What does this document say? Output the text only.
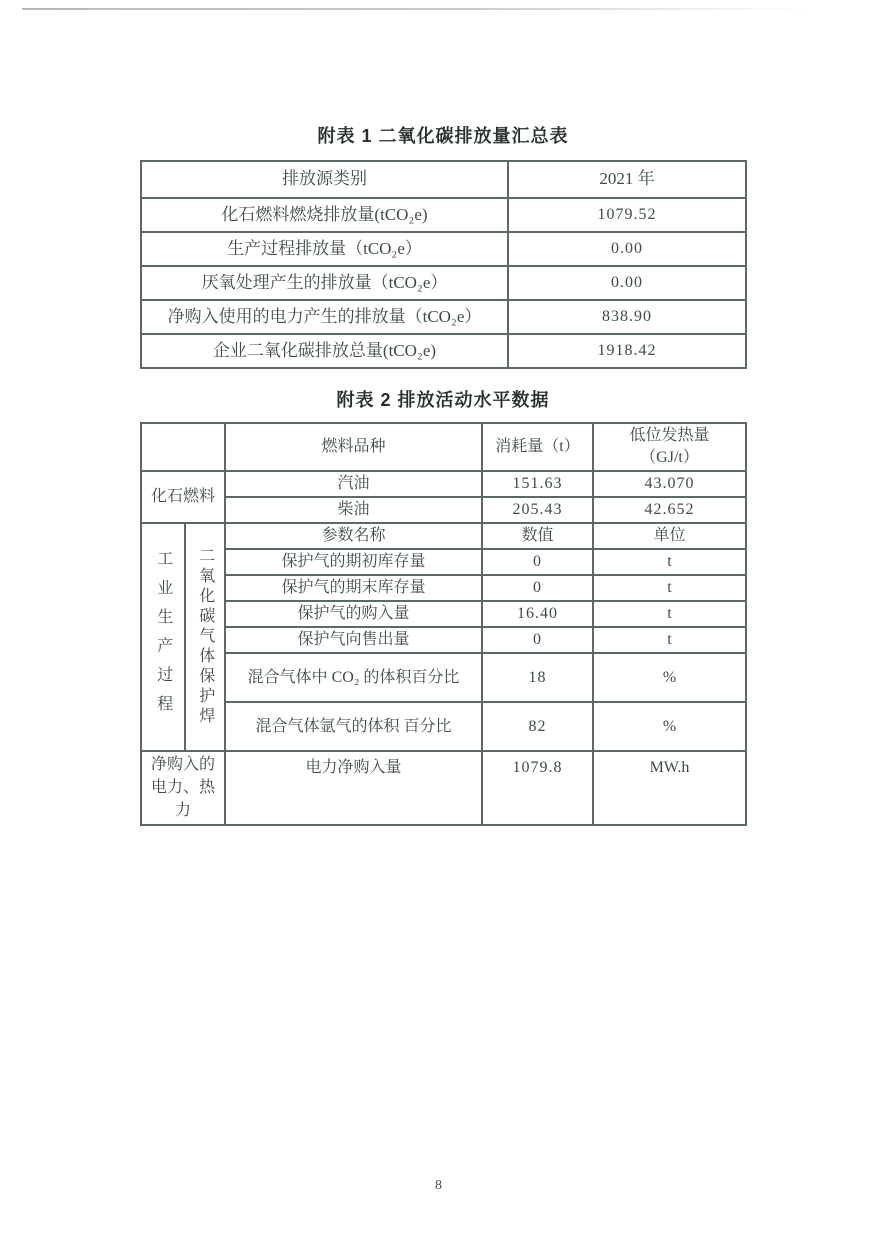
附表 1 二氧化碳排放量汇总表
排放源类别	2021 年
化石燃料燃烧排放量(tCO₂e)	1079.52
生产过程排放量（tCO₂e）	0.00
厌氧处理产生的排放量（tCO₂e）	0.00
净购入使用的电力产生的排放量（tCO₂e）	838.90
企业二氧化碳排放总量(tCO₂e)	1918.42
附表 2 排放活动水平数据
		燃料品种	消耗量（t）	低位发热量
（GJ/t）

化石燃料		汽油	151.63	43.070
		柴油	205.43	42.652

工业生产过程	二氧化碳气体保护焊	参数名称	数值	单位
		保护气的期初库存量	0	t
		保护气的期末库存量	0	t
		保护气的购入量	16.40	t
		保护气向售出量	0	t
		混合气体中 CO₂ 的体积百分比	18	%
		混合气体氩气的体积 百分比	82	%
净购入的电力、热力		电力净购入量	1079.8	MW.h
8
